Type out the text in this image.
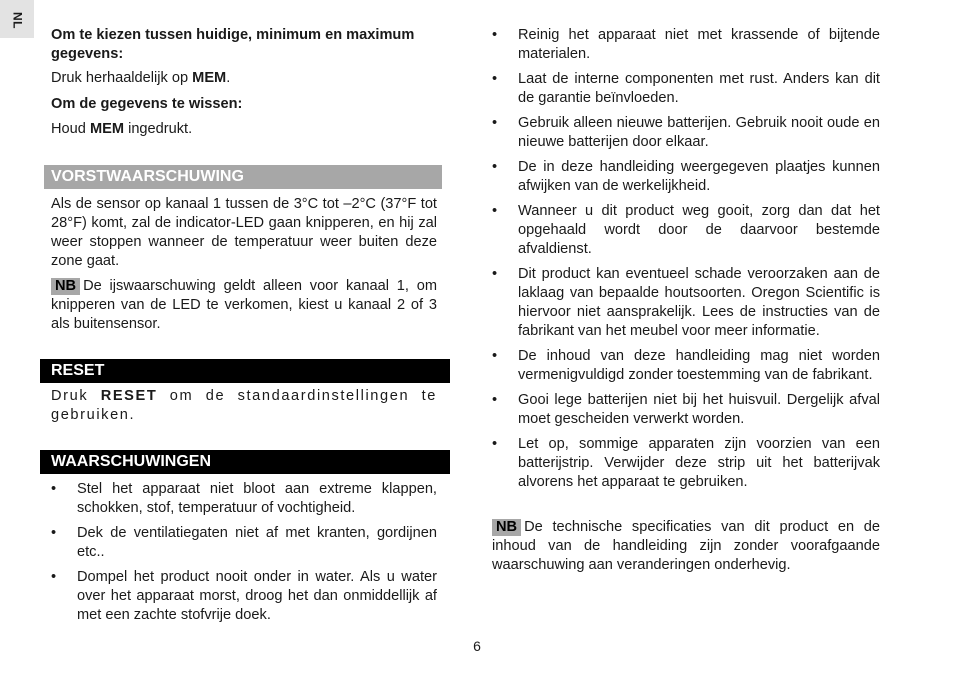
NL

Om te kiezen tussen huidige, minimum en maximum gegevens:

Druk herhaaldelijk op MEM.

Om de gegevens te wissen:

Houd MEM ingedrukt.

VORSTWAARSCHUWING

Als de sensor op kanaal 1 tussen de 3°C tot –2°C (37°F tot 28°F) komt, zal de indicator-LED gaan knipperen, en hij zal weer stoppen wanneer de temperatuur weer buiten deze zone gaat.

NB De ijswaarschuwing geldt alleen voor kanaal 1, om knipperen van de LED te verkomen, kiest u kanaal 2 of 3 als buitensensor.

RESET

Druk RESET om de standaardinstellingen te gebruiken.

WAARSCHUWINGEN
• Stel het apparaat niet bloot aan extreme klappen, schokken, stof, temperatuur of vochtigheid.
• Dek de ventilatiegaten niet af met kranten, gordijnen etc..
• Dompel het product nooit onder in water. Als u water over het apparaat morst, droog het dan onmiddellijk af met een zachte stofvrije doek.
• Reinig het apparaat niet met krassende of bijtende materialen.
• Laat de interne componenten met rust. Anders kan dit de garantie beïnvloeden.
• Gebruik alleen nieuwe batterijen. Gebruik nooit oude en nieuwe batterijen door elkaar.
• De in deze handleiding weergegeven plaatjes kunnen afwijken van de werkelijkheid.
• Wanneer u dit product weg gooit, zorg dan dat het opgehaald wordt door de daarvoor bestemde afvaldienst.
• Dit product kan eventueel schade veroorzaken aan de laklaag van bepaalde houtsoorten. Oregon Scientific is hiervoor niet aansprakelijk. Lees de instructies van de fabrikant van het meubel voor meer informatie.
• De inhoud van deze handleiding mag niet worden vermenigvuldigd zonder toestemming van de fabrikant.
• Gooi lege batterijen niet bij het huisvuil. Dergelijk afval moet gescheiden verwerkt worden.
• Let op, sommige apparaten zijn voorzien van een batterijstrip. Verwijder deze strip uit het batterijvak alvorens het apparaat te gebruiken.

NB De technische specificaties van dit product en de inhoud van de handleiding zijn zonder voorafgaande waarschuwing aan veranderingen onderhevig.

6
